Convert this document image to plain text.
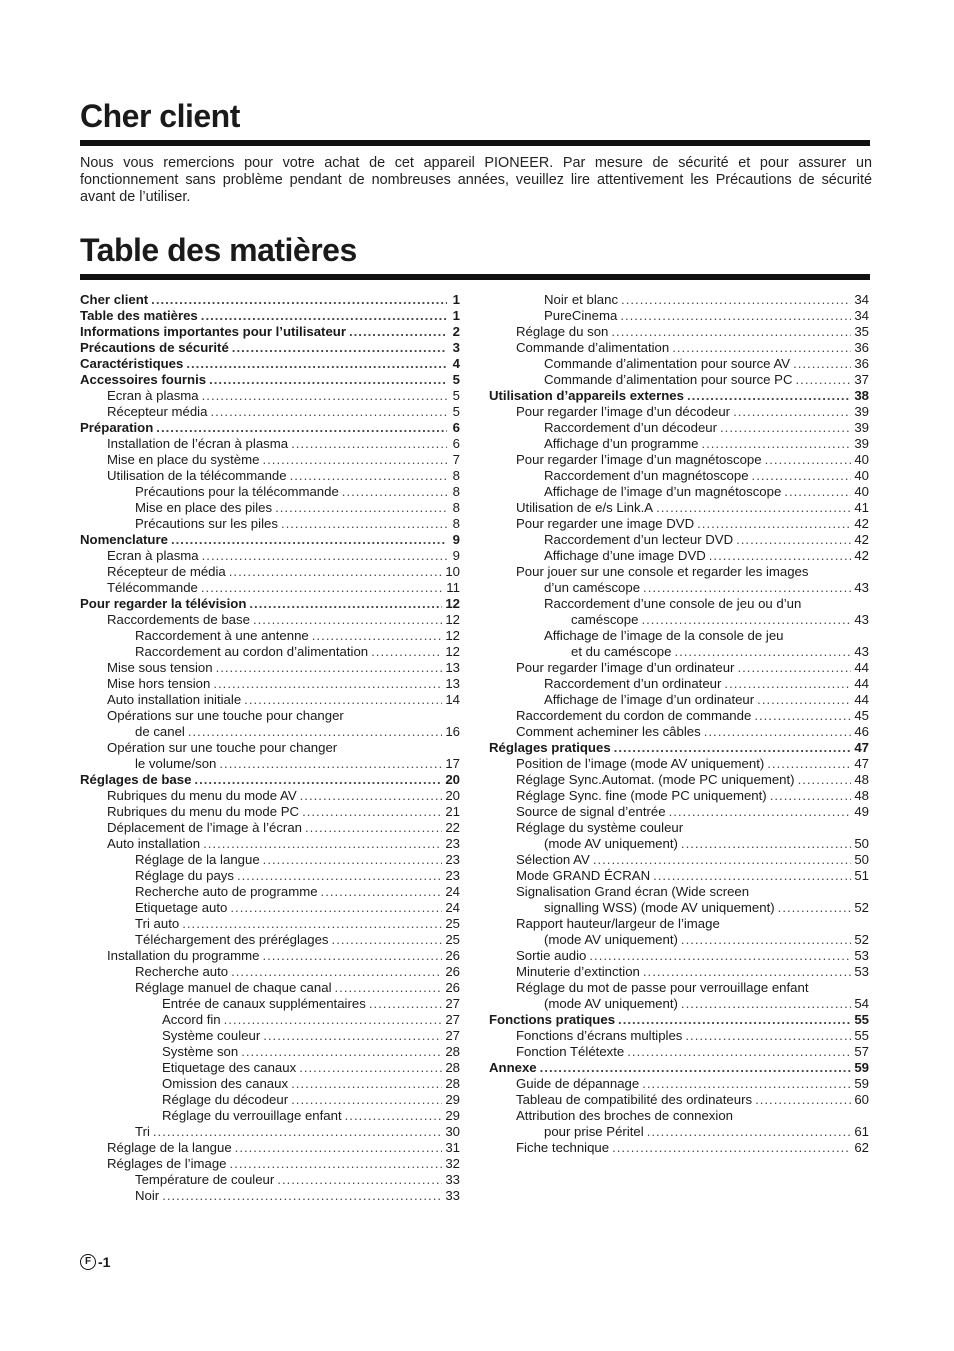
Cher client

Nous vous remercions pour votre achat de cet appareil PIONEER. Par mesure de sécurité et pour assurer un fonctionnement sans problème pendant de nombreuses années, veuillez lire attentivement les Précautions de sécurité avant de l’utiliser.

Table des matières
Cher client .....	1
Table des matières .....	1
Informations importantes pour l’utilisateur .....	2
Précautions de sécurité .....	3
Caractéristiques .....	4
Accessoires fournis .....	5
Ecran à plasma .....	5
Récepteur média .....	5
Préparation .....	6
Installation de l’écran à plasma .....	6
Mise en place du système .....	7
Utilisation de la télécommande .....	8
Précautions pour la télécommande .....	8
Mise en place des piles .....	8
Précautions sur les piles .....	8
Nomenclature .....	9
Ecran à plasma .....	9
Récepteur de média .....	10
Télécommande .....	11
Pour regarder la télévision .....	12
Raccordements de base .....	12
Raccordement à une antenne .....	12
Raccordement au cordon d’alimentation .....	12
Mise sous tension .....	13
Mise hors tension .....	13
Auto installation initiale .....	14
Opérations sur une touche pour changer
de canel .....	16
Opération sur une touche pour changer
le volume/son .....	17
Réglages de base .....	20
Rubriques du menu du mode AV .....	20
Rubriques du menu du mode PC .....	21
Déplacement de l’image à l’écran .....	22
Auto installation .....	23
Réglage de la langue .....	23
Réglage du pays .....	23
Recherche auto de programme .....	24
Etiquetage auto .....	24
Tri auto .....	25
Téléchargement des préréglages .....	25
Installation du programme .....	26
Recherche auto .....	26
Réglage manuel de chaque canal .....	26
Entrée de canaux supplémentaires .....	27
Accord fin .....	27
Système couleur .....	27
Système son .....	28
Etiquetage des canaux .....	28
Omission des canaux .....	28
Réglage du décodeur .....	29
Réglage du verrouillage enfant .....	29
Tri .....	30
Réglage de la langue .....	31
Réglages de l’image .....	32
Température de couleur .....	33
Noir .....	33
Noir et blanc .....	34
PureCinema .....	34
Réglage du son .....	35
Commande d’alimentation .....	36
Commande d’alimentation pour source AV .....	36
Commande d’alimentation pour source PC .....	37
Utilisation d’appareils externes .....	38
Pour regarder l’image d’un décodeur .....	39
Raccordement d’un décodeur .....	39
Affichage d’un programme .....	39
Pour regarder l’image d’un magnétoscope .....	40
Raccordement d’un magnétoscope .....	40
Affichage de l’image d’un magnétoscope .....	40
Utilisation de e/s Link.A .....	41
Pour regarder une image DVD .....	42
Raccordement d’un lecteur DVD .....	42
Affichage d’une image DVD .....	42
Pour jouer sur une console et regarder les images
d’un caméscope .....	43
Raccordement d’une console de jeu ou d’un
caméscope .....	43
Affichage de l’image de la console de jeu
et du caméscope .....	43
Pour regarder l’image d’un ordinateur .....	44
Raccordement d’un ordinateur .....	44
Affichage de l’image d’un ordinateur .....	44
Raccordement du cordon de commande .....	45
Comment acheminer les câbles .....	46
Réglages pratiques .....	47
Position de l’image (mode AV uniquement) .....	47
Réglage Sync.Automat. (mode PC uniquement) .....	48
Réglage Sync. fine (mode PC uniquement) .....	48
Source de signal d’entrée .....	49
Réglage du système couleur
(mode AV uniquement) .....	50
Sélection AV .....	50
Mode GRAND ÉCRAN .....	51
Signalisation Grand écran (Wide screen
signalling WSS) (mode AV uniquement) .....	52
Rapport hauteur/largeur de l’image
(mode AV uniquement) .....	52
Sortie audio .....	53
Minuterie d’extinction .....	53
Réglage du mot de passe pour verrouillage enfant
(mode AV uniquement) .....	54
Fonctions pratiques .....	55
Fonctions d’écrans multiples .....	55
Fonction Télétexte .....	57
Annexe .....	59
Guide de dépannage .....	59
Tableau de compatibilité des ordinateurs .....	60
Attribution des broches de connexion
pour prise Péritel .....	61
Fiche technique .....	62
F -1
